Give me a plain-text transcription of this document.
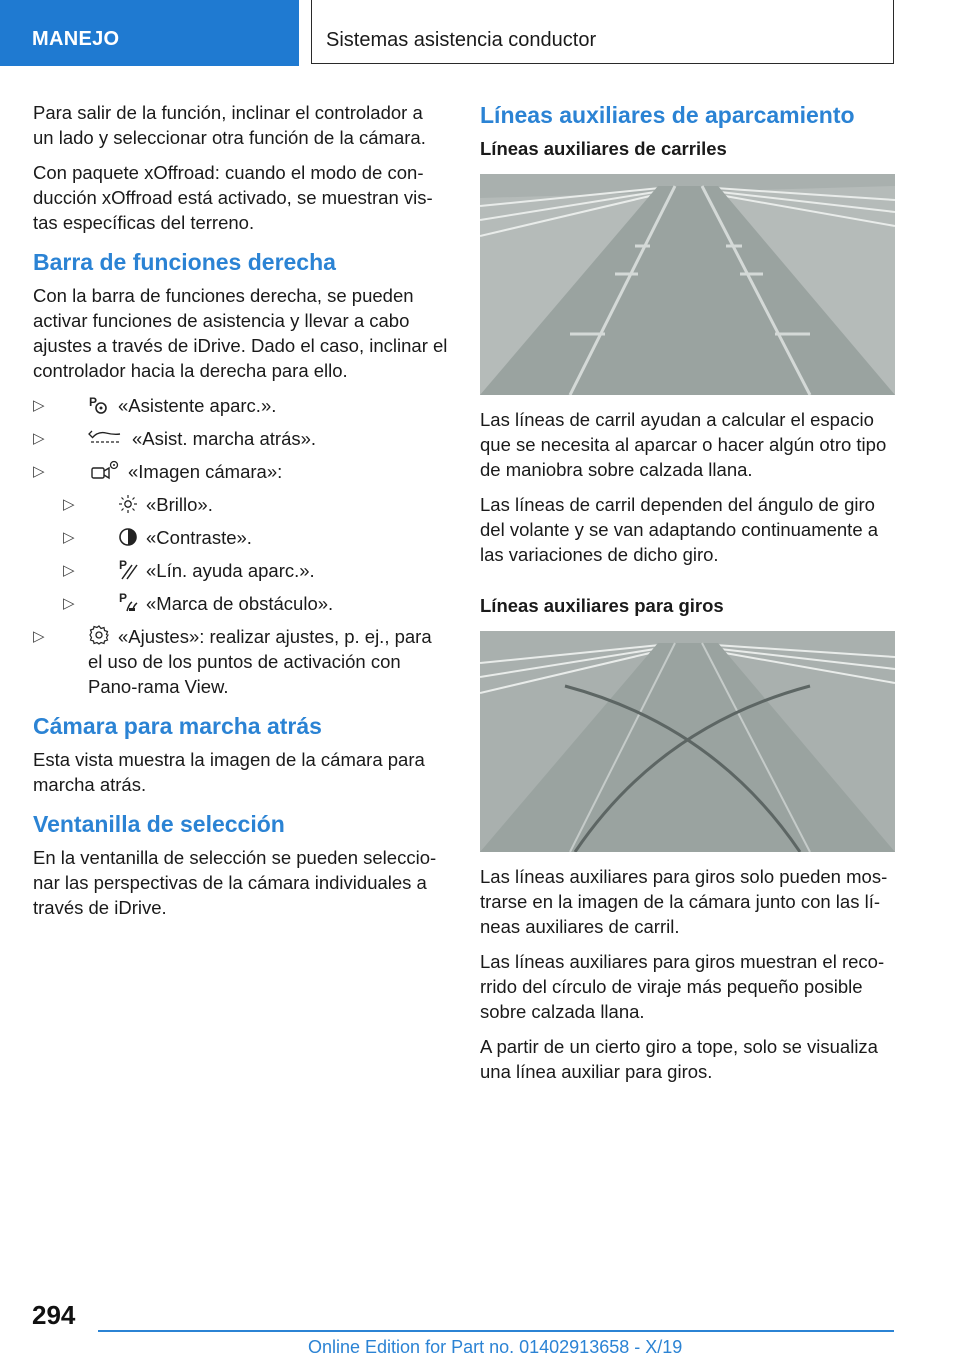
MANEJO	Sistemas asistencia conductor

Para salir de la función, inclinar el controlador a un lado y seleccionar otra función de la cámara.

Con paquete xOffroad: cuando el modo de con‐ducción xOffroad está activado, se muestran vis‐tas específicas del terreno.

Barra de funciones derecha

Con la barra de funciones derecha, se pueden activar funciones de asistencia y llevar a cabo ajustes a través de iDrive. Dado el caso, inclinar el controlador hacia la derecha para ello.

▷	P «Asistente aparc.».
▷	«Asist. marcha atrás».
▷	«Imagen cámara»:
▷	«Brillo».
▷	«Contraste».
▷	P «Lín. ayuda aparc.».
▷	P «Marca de obstáculo».
▷	«Ajustes»: realizar ajustes, p. ej., para el uso de los puntos de activación con Pano‐rama View.
Cámara para marcha atrás

Esta vista muestra la imagen de la cámara para marcha atrás.

Ventanilla de selección

En la ventanilla de selección se pueden seleccio‐nar las perspectivas de la cámara individuales a través de iDrive.

Líneas auxiliares de aparcamiento
Líneas auxiliares de carriles

Las líneas de carril ayudan a calcular el espacio que se necesita al aparcar o hacer algún otro tipo de maniobra sobre calzada llana.

Las líneas de carril dependen del ángulo de giro del volante y se van adaptando continuamente a las variaciones de dicho giro.

Líneas auxiliares para giros

Las líneas auxiliares para giros solo pueden mos‐trarse en la imagen de la cámara junto con las lí‐neas auxiliares de carril.

Las líneas auxiliares para giros muestran el reco‐rrido del círculo de viraje más pequeño posible sobre calzada llana.

A partir de un cierto giro a tope, solo se visualiza una línea auxiliar para giros.

294
Online Edition for Part no. 01402913658 - X/19
